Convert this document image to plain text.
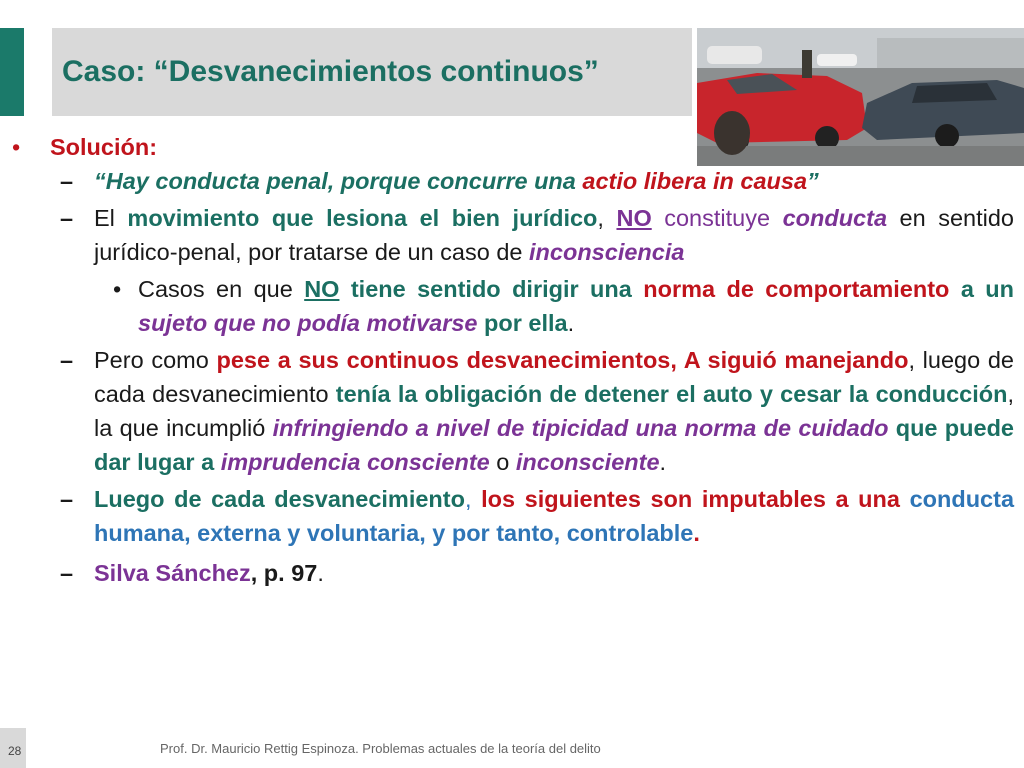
Caso: “Desvanecimientos continuos”

• Solución:

– “Hay conducta penal, porque concurre una actio libera in causa”

– El movimiento que lesiona el bien jurídico, NO constituye conducta en sentido jurídico-penal, por tratarse de un caso de inconsciencia

• Casos en que NO tiene sentido dirigir una norma de comportamiento a un sujeto que no podía motivarse por ella.

– Pero como pese a sus continuos desvanecimientos, A siguió manejando, luego de cada desvanecimiento tenía la obligación de detener el auto y cesar la conducción, la que incumplió infringiendo a nivel de tipicidad una norma de cuidado que puede dar lugar a imprudencia consciente o inconsciente.

– Luego de cada desvanecimiento, los siguientes son imputables a una conducta humana, externa y voluntaria, y por tanto, controlable.

– Silva Sánchez, p. 97.

28	Prof. Dr. Mauricio Rettig Espinoza. Problemas actuales de la teoría del delito
